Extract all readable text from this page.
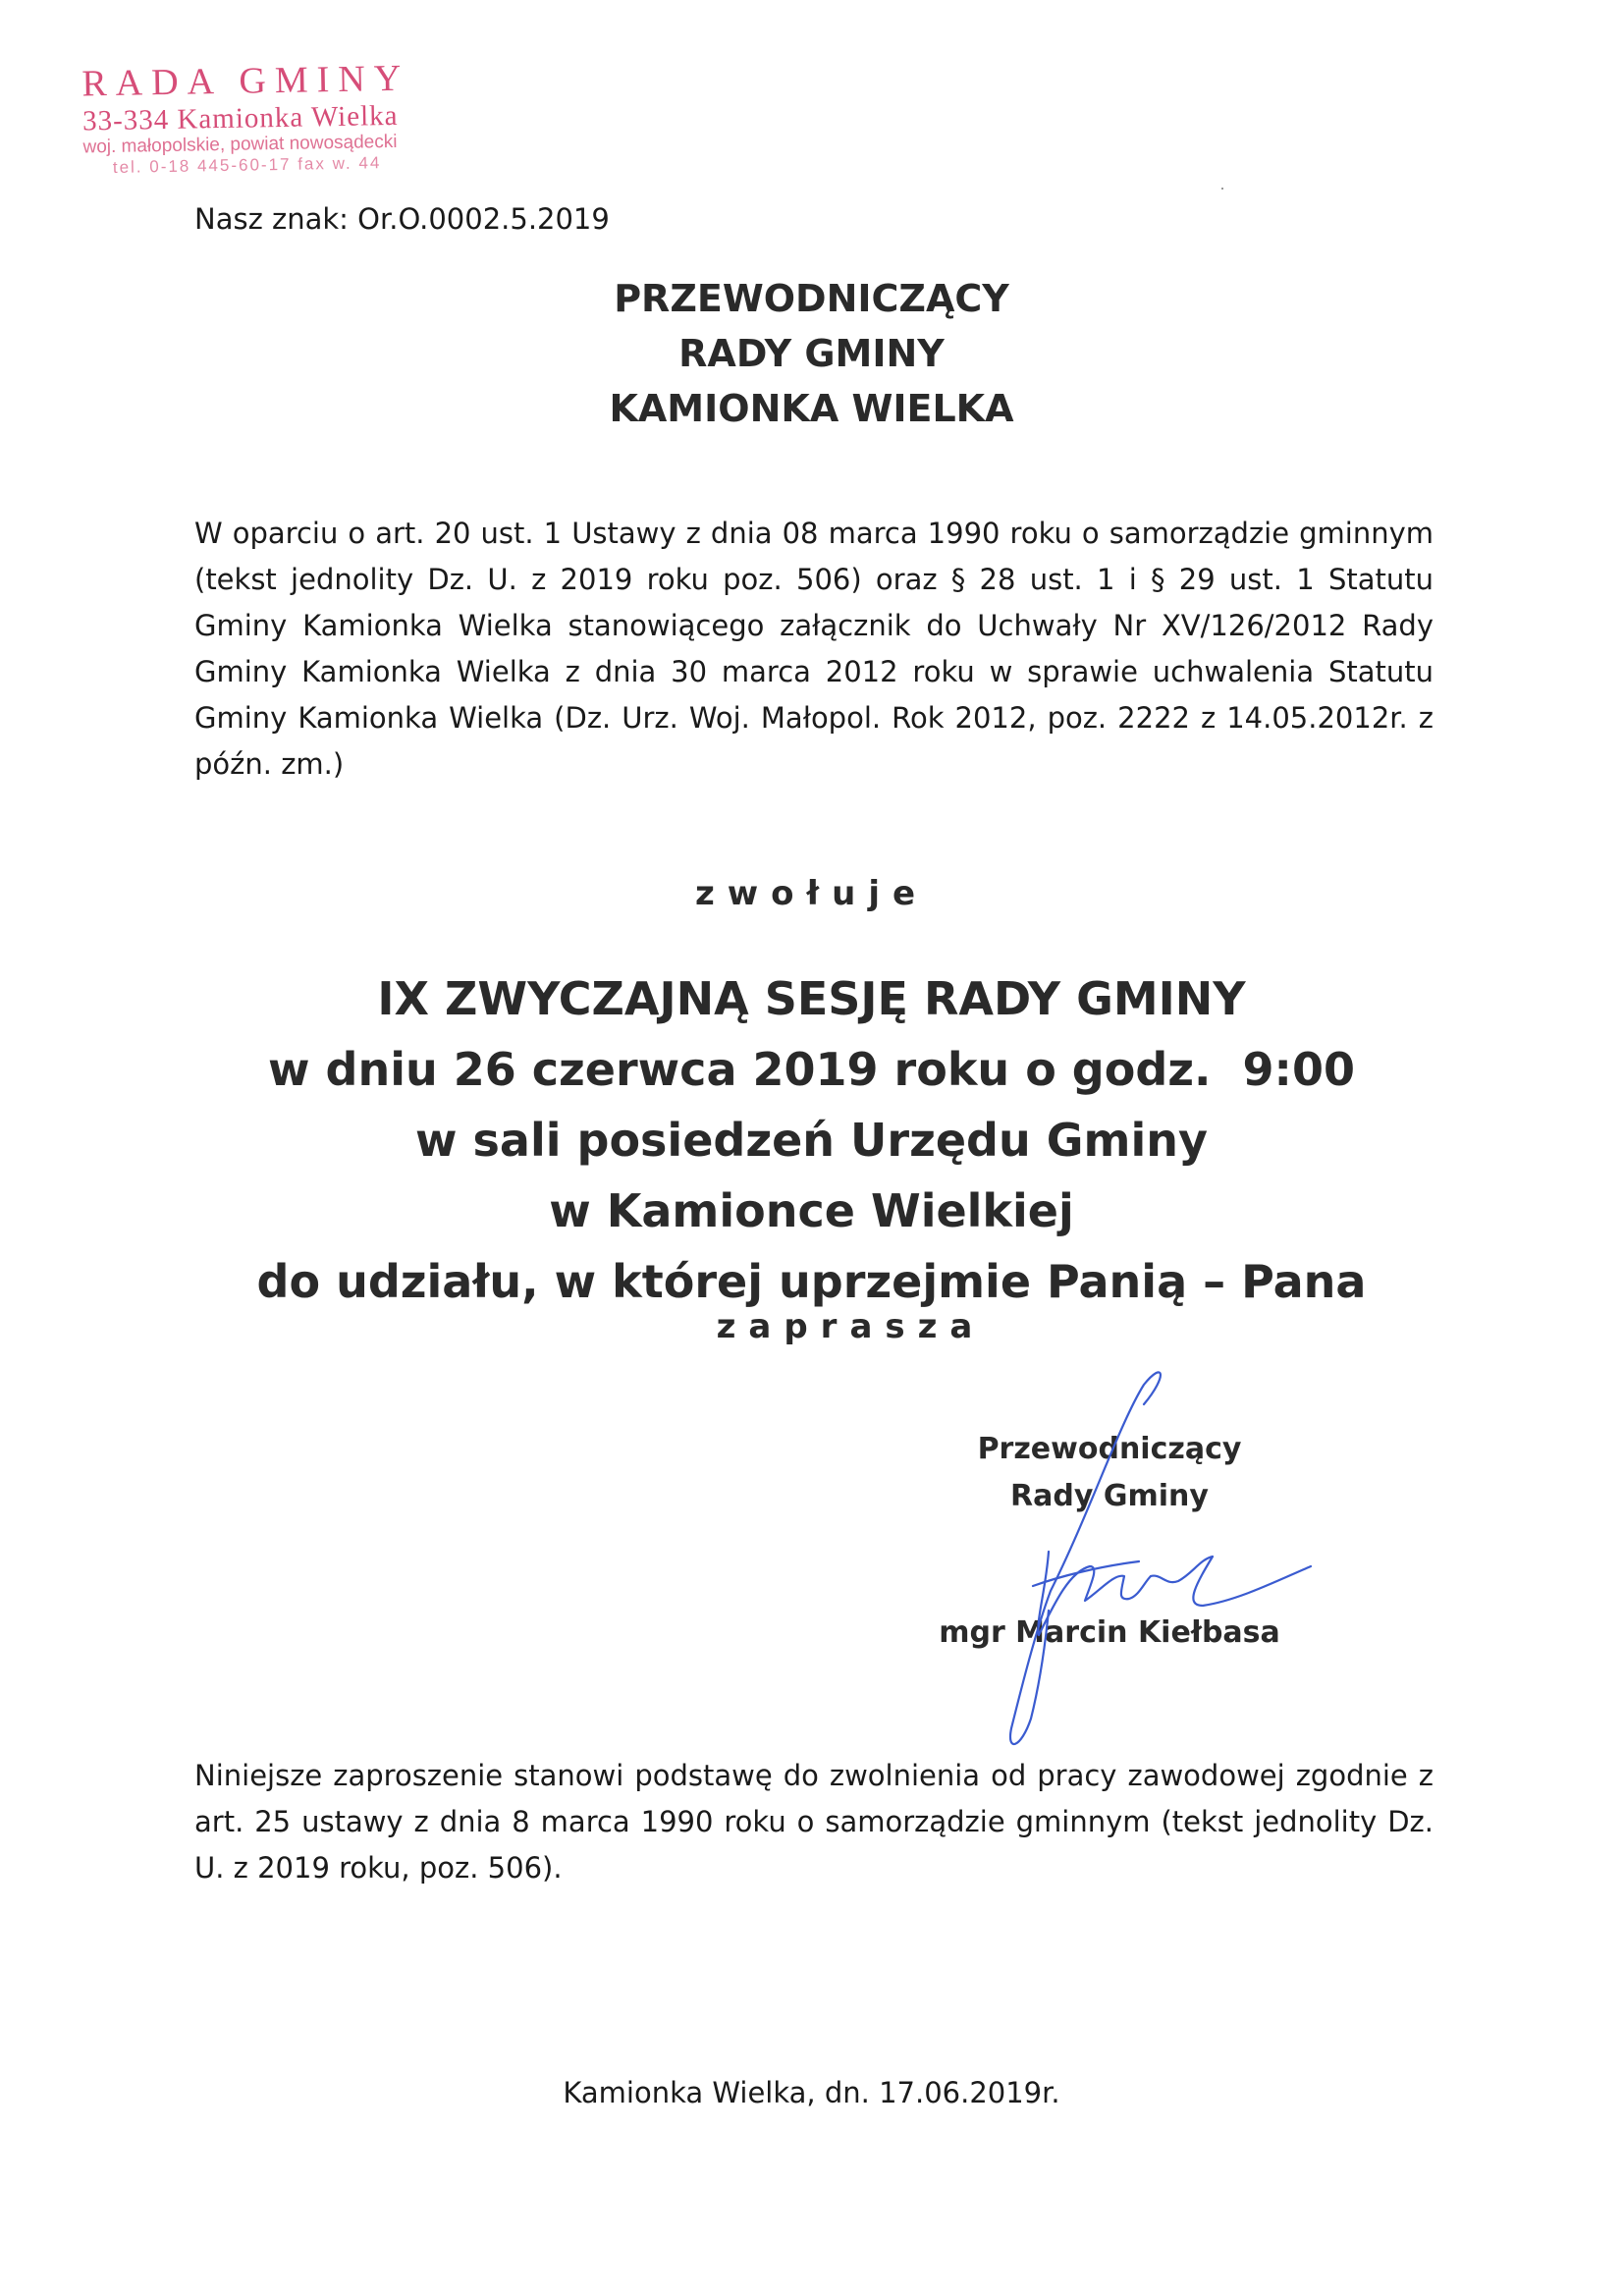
RADA GMINY
33-334 Kamionka Wielka
woj. małopolskie, powiat nowosądecki
tel. 0-18 445-60-17 fax w. 44
Nasz znak: Or.O.0002.5.2019
PRZEWODNICZĄCY
RADY GMINY
KAMIONKA WIELKA
W oparciu o art. 20 ust. 1 Ustawy z dnia 08 marca 1990 roku o samorządzie gminnym (tekst jednolity Dz. U. z 2019 roku poz. 506) oraz § 28 ust. 1 i § 29 ust. 1 Statutu Gminy Kamionka Wielka stanowiącego załącznik do Uchwały Nr XV/126/2012 Rady Gminy Kamionka Wielka z dnia 30 marca 2012 roku w sprawie uchwalenia Statutu Gminy Kamionka Wielka (Dz. Urz. Woj. Małopol. Rok 2012, poz. 2222 z 14.05.2012r. z późn. zm.)
zwołuje
IX ZWYCZAJNĄ SESJĘ RADY GMINY
w dniu 26 czerwca 2019 roku o godz.  9:00
w sali posiedzeń Urzędu Gminy
w Kamionce Wielkiej
do udziału, w której uprzejmie Panią – Pana
zaprasza
Przewodniczący
Rady Gminy
mgr Marcin Kiełbasa
Niniejsze zaproszenie stanowi podstawę do zwolnienia od pracy zawodowej zgodnie z art. 25 ustawy z dnia 8 marca 1990 roku o samorządzie gminnym (tekst jednolity Dz. U. z 2019 roku, poz. 506).
Kamionka Wielka, dn. 17.06.2019r.
